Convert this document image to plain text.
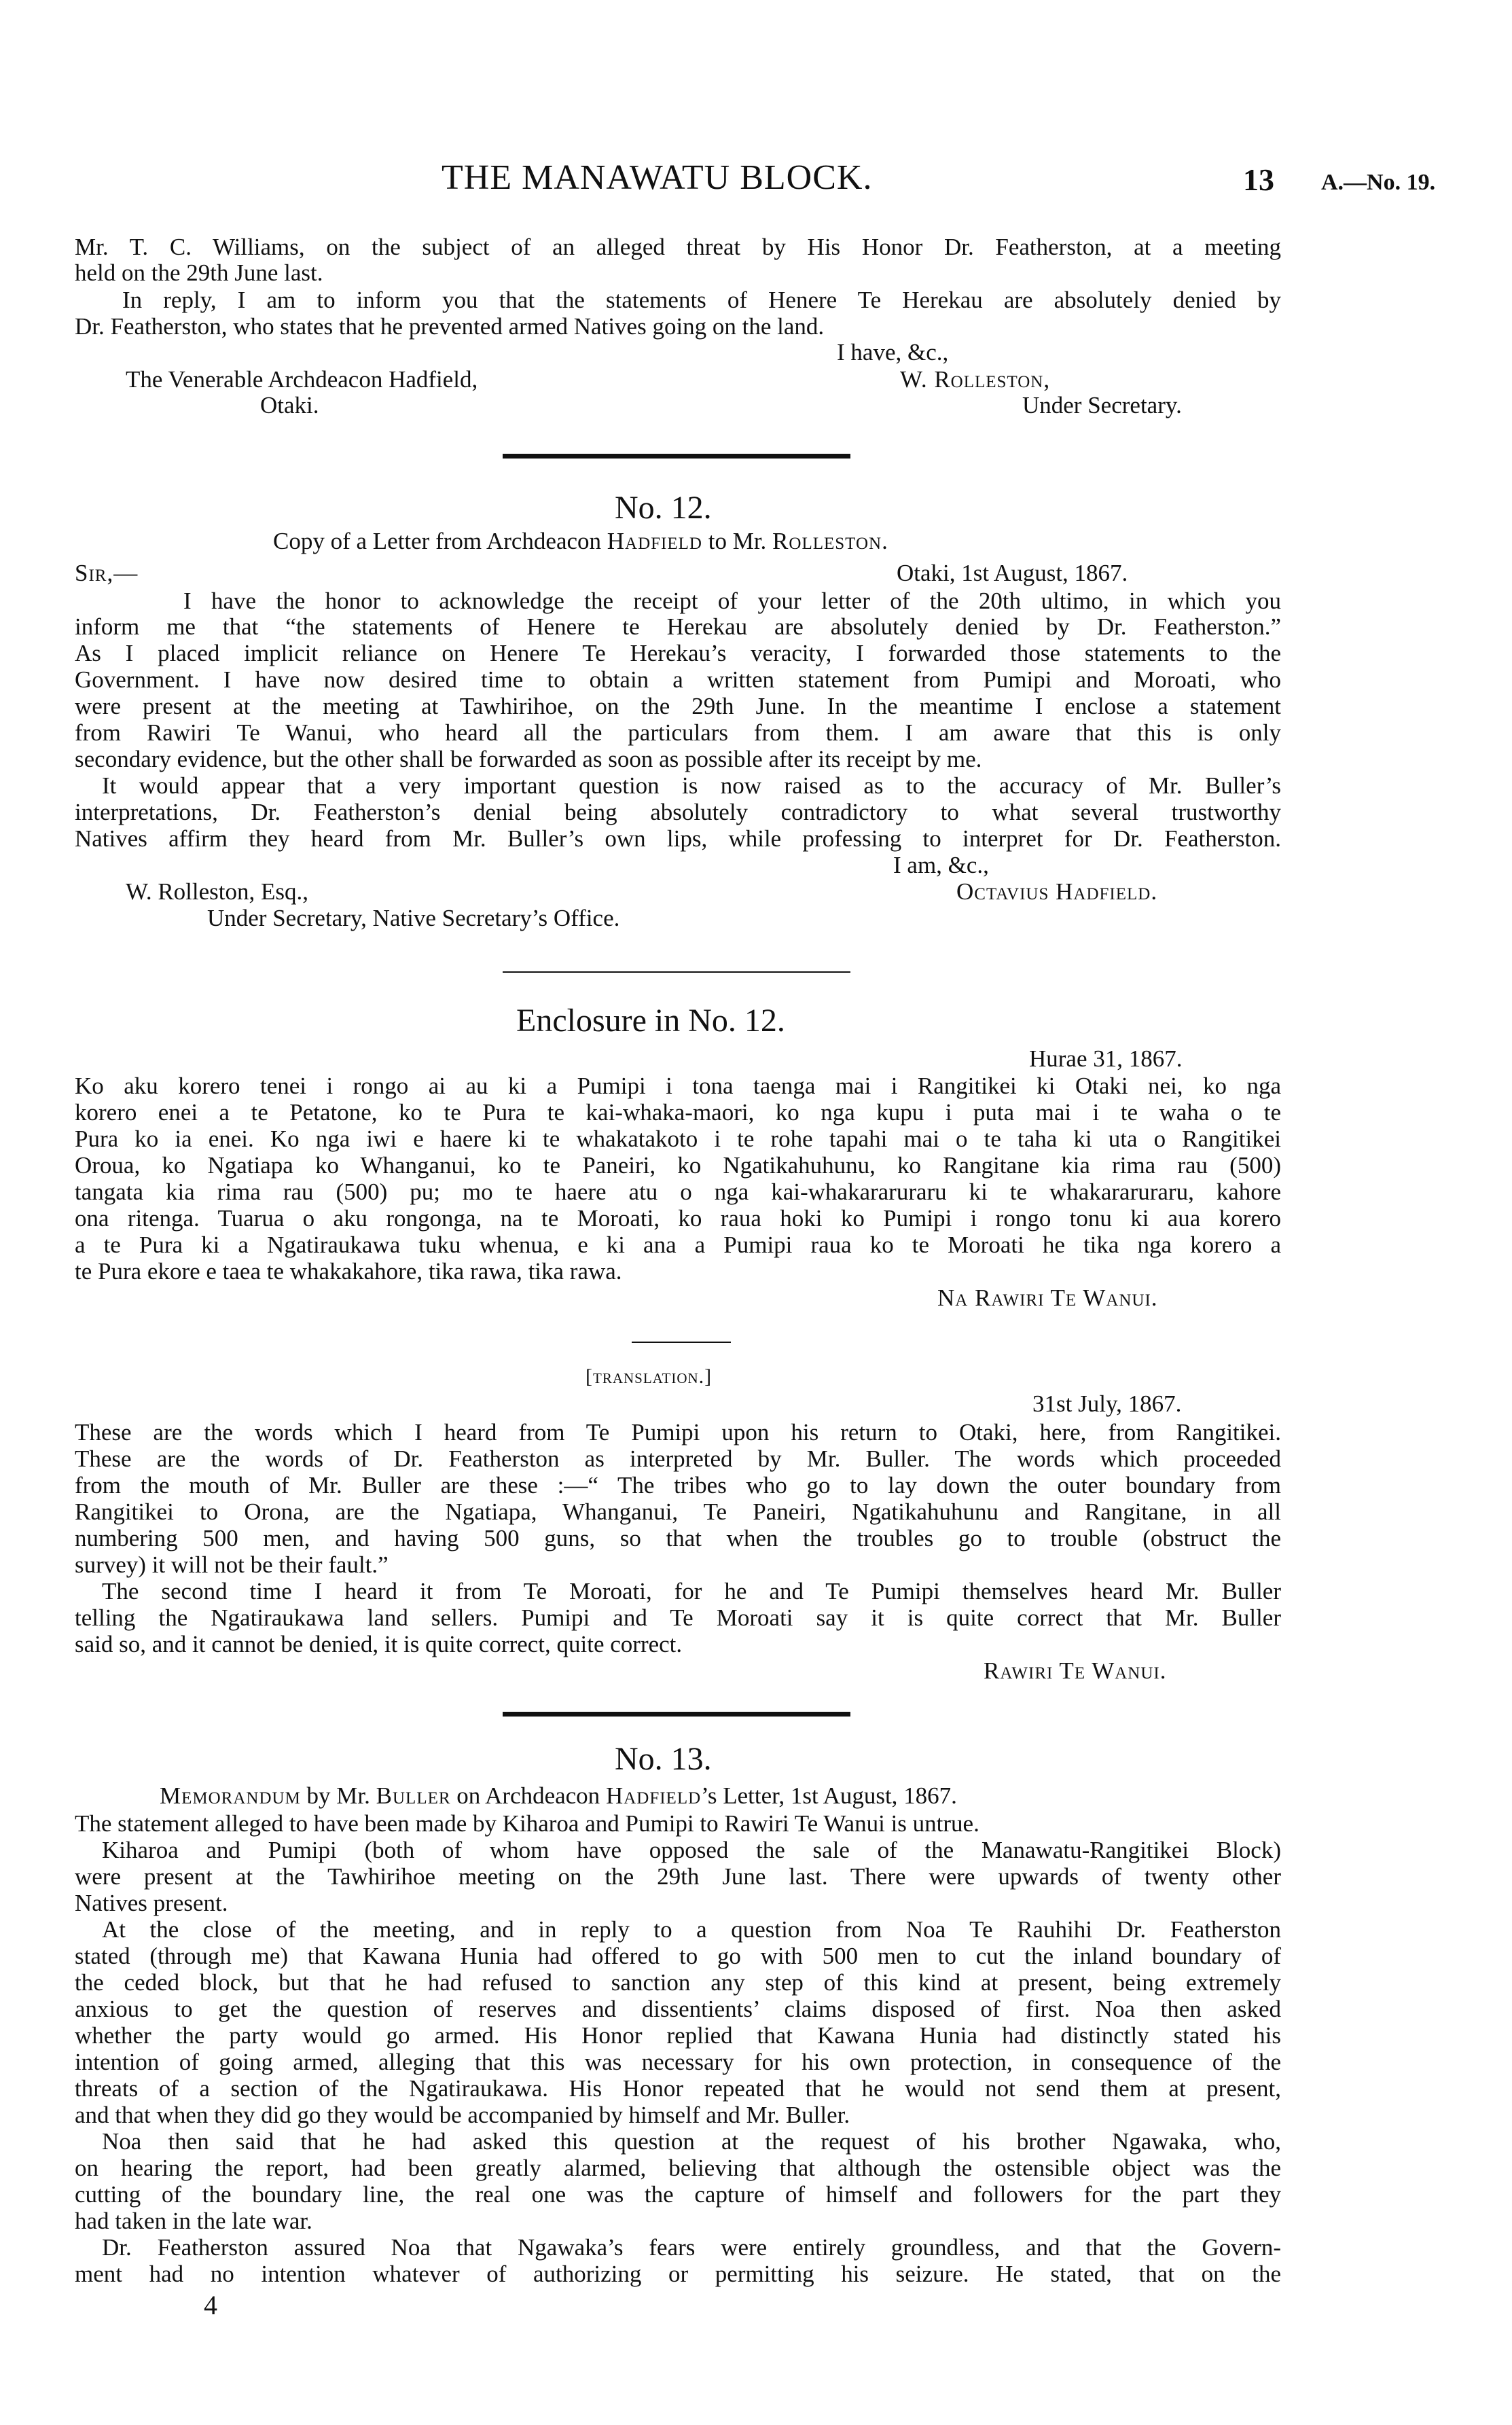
THE MANAWATU BLOCK.	13 A.—No. 19.
Mr. T. C. Williams, on the subject of an alleged threat by His Honor Dr. Featherston, at a meeting
held on the 29th June last.
In reply, I am to inform you that the statements of Henere Te Herekau are absolutely denied by
Dr. Featherston, who states that he prevented armed Natives going on the land.
I have, &c.,
The Venerable Archdeacon Hadfield,	W. Rolleston,
Otaki.	Under Secretary.
No. 12.
Copy of a Letter from Archdeacon Hadfield to Mr. Rolleston.
Sir,—	Otaki, 1st August, 1867.
I have the honor to acknowledge the receipt of your letter of the 20th ultimo, in which you
inform me that “the statements of Henere te Herekau are absolutely denied by Dr. Featherston.”
As I placed implicit reliance on Henere Te Herekau’s veracity, I forwarded those statements to the
Government. I have now desired time to obtain a written statement from Pumipi and Moroati, who
were present at the meeting at Tawhirihoe, on the 29th June. In the meantime I enclose a statement
from Rawiri Te Wanui, who heard all the particulars from them. I am aware that this is only
secondary evidence, but the other shall be forwarded as soon as possible after its receipt by me.
It would appear that a very important question is now raised as to the accuracy of Mr. Buller’s
interpretations, Dr. Featherston’s denial being absolutely contradictory to what several trustworthy
Natives affirm they heard from Mr. Buller’s own lips, while professing to interpret for Dr. Featherston.
I am, &c.,
W. Rolleston, Esq.,	Octavius Hadfield.
Under Secretary, Native Secretary’s Office.
Enclosure in No. 12.
Hurae 31, 1867.
Ko aku korero tenei i rongo ai au ki a Pumipi i tona taenga mai i Rangitikei ki Otaki nei, ko nga
korero enei a te Petatone, ko te Pura te kai-whaka-maori, ko nga kupu i puta mai i te waha o te
Pura ko ia enei. Ko nga iwi e haere ki te whakatakoto i te rohe tapahi mai o te taha ki uta o Rangitikei
Oroua, ko Ngatiapa ko Whanganui, ko te Paneiri, ko Ngatikahuhunu, ko Rangitane kia rima rau (500)
tangata kia rima rau (500) pu; mo te haere atu o nga kai-whakararuraru ki te whakararuraru, kahore
ona ritenga. Tuarua o aku rongonga, na te Moroati, ko raua hoki ko Pumipi i rongo tonu ki aua korero
a te Pura ki a Ngatiraukawa tuku whenua, e ki ana a Pumipi raua ko te Moroati he tika nga korero a
te Pura ekore e taea te whakakahore, tika rawa, tika rawa.
Na Rawiri Te Wanui.
[translation.]
31st July, 1867.
These are the words which I heard from Te Pumipi upon his return to Otaki, here, from Rangitikei.
These are the words of Dr. Featherston as interpreted by Mr. Buller. The words which proceeded
from the mouth of Mr. Buller are these :—“ The tribes who go to lay down the outer boundary from
Rangitikei to Orona, are the Ngatiapa, Whanganui, Te Paneiri, Ngatikahuhunu and Rangitane, in all
numbering 500 men, and having 500 guns, so that when the troubles go to trouble (obstruct the
survey) it will not be their fault.”
The second time I heard it from Te Moroati, for he and Te Pumipi themselves heard Mr. Buller
telling the Ngatiraukawa land sellers. Pumipi and Te Moroati say it is quite correct that Mr. Buller
said so, and it cannot be denied, it is quite correct, quite correct.
Rawiri Te Wanui.
No. 13.
Memorandum by Mr. Buller on Archdeacon Hadfield’s Letter, 1st August, 1867.
The statement alleged to have been made by Kiharoa and Pumipi to Rawiri Te Wanui is untrue.
Kiharoa and Pumipi (both of whom have opposed the sale of the Manawatu-Rangitikei Block)
were present at the Tawhirihoe meeting on the 29th June last. There were upwards of twenty other
Natives present.
At the close of the meeting, and in reply to a question from Noa Te Rauhihi Dr. Featherston
stated (through me) that Kawana Hunia had offered to go with 500 men to cut the inland boundary of
the ceded block, but that he had refused to sanction any step of this kind at present, being extremely
anxious to get the question of reserves and dissentients’ claims disposed of first. Noa then asked
whether the party would go armed. His Honor replied that Kawana Hunia had distinctly stated his
intention of going armed, alleging that this was necessary for his own protection, in consequence of the
threats of a section of the Ngatiraukawa. His Honor repeated that he would not send them at present,
and that when they did go they would be accompanied by himself and Mr. Buller.
Noa then said that he had asked this question at the request of his brother Ngawaka, who,
on hearing the report, had been greatly alarmed, believing that although the ostensible object was the
cutting of the boundary line, the real one was the capture of himself and followers for the part they
had taken in the late war.
Dr. Featherston assured Noa that Ngawaka’s fears were entirely groundless, and that the Govern-
ment had no intention whatever of authorizing or permitting his seizure. He stated, that on the
4
